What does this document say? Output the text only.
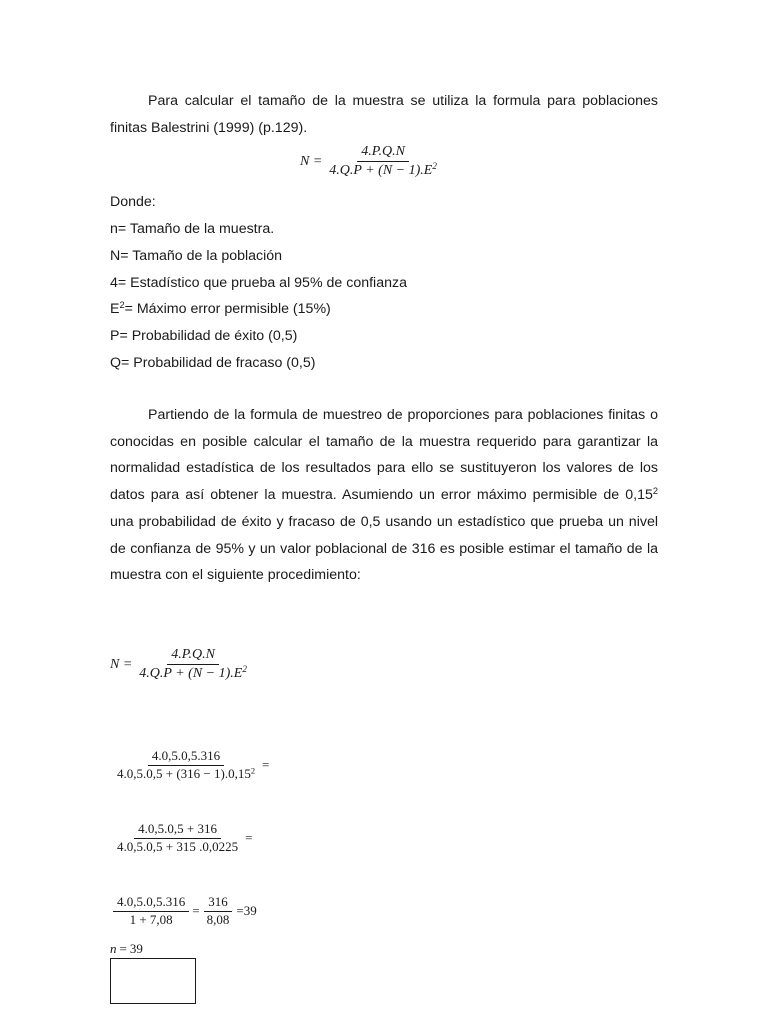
Para calcular el tamaño de la muestra se utiliza la formula para poblaciones finitas Balestrini (1999) (p.129).

$N = \frac{4.P.Q.N}{4.Q.P + (N - 1).E^2}$

Donde:

n= Tamaño de la muestra.

N= Tamaño de la población

4= Estadístico que prueba al 95% de confianza

$E^2=$ Máximo error permisible (15%)

P= Probabilidad de éxito (0,5)

Q= Probabilidad de fracaso (0,5)

Partiendo de la formula de muestreo de proporciones para poblaciones finitas o conocidas en posible calcular el tamaño de la muestra requerido para garantizar la normalidad estadística de los resultados para ello se sustituyeron los valores de los datos para así obtener la muestra. Asumiendo un error máximo permisible de 0,15$^2$ una probabilidad de éxito y fracaso de 0,5 usando un estadístico que prueba un nivel de confianza de 95% y un valor poblacional de 316 es posible estimar el tamaño de la muestra con el siguiente procedimiento:

$N = \frac{4.P.Q.N}{4.Q.P + (N - 1).E^2}$
$\frac{4.0,5.0,5.316}{4.0,5.0,5 + (316 - 1).0,15^2}$ =
$\frac{4.0,5.0,5 + 316}{4.0,5.0,5 + 315 .0,0225}$ =
$\frac{4.0,5.0,5.316}{1 + 7,08} = \frac{316}{8,08} = 39$
n = 39
